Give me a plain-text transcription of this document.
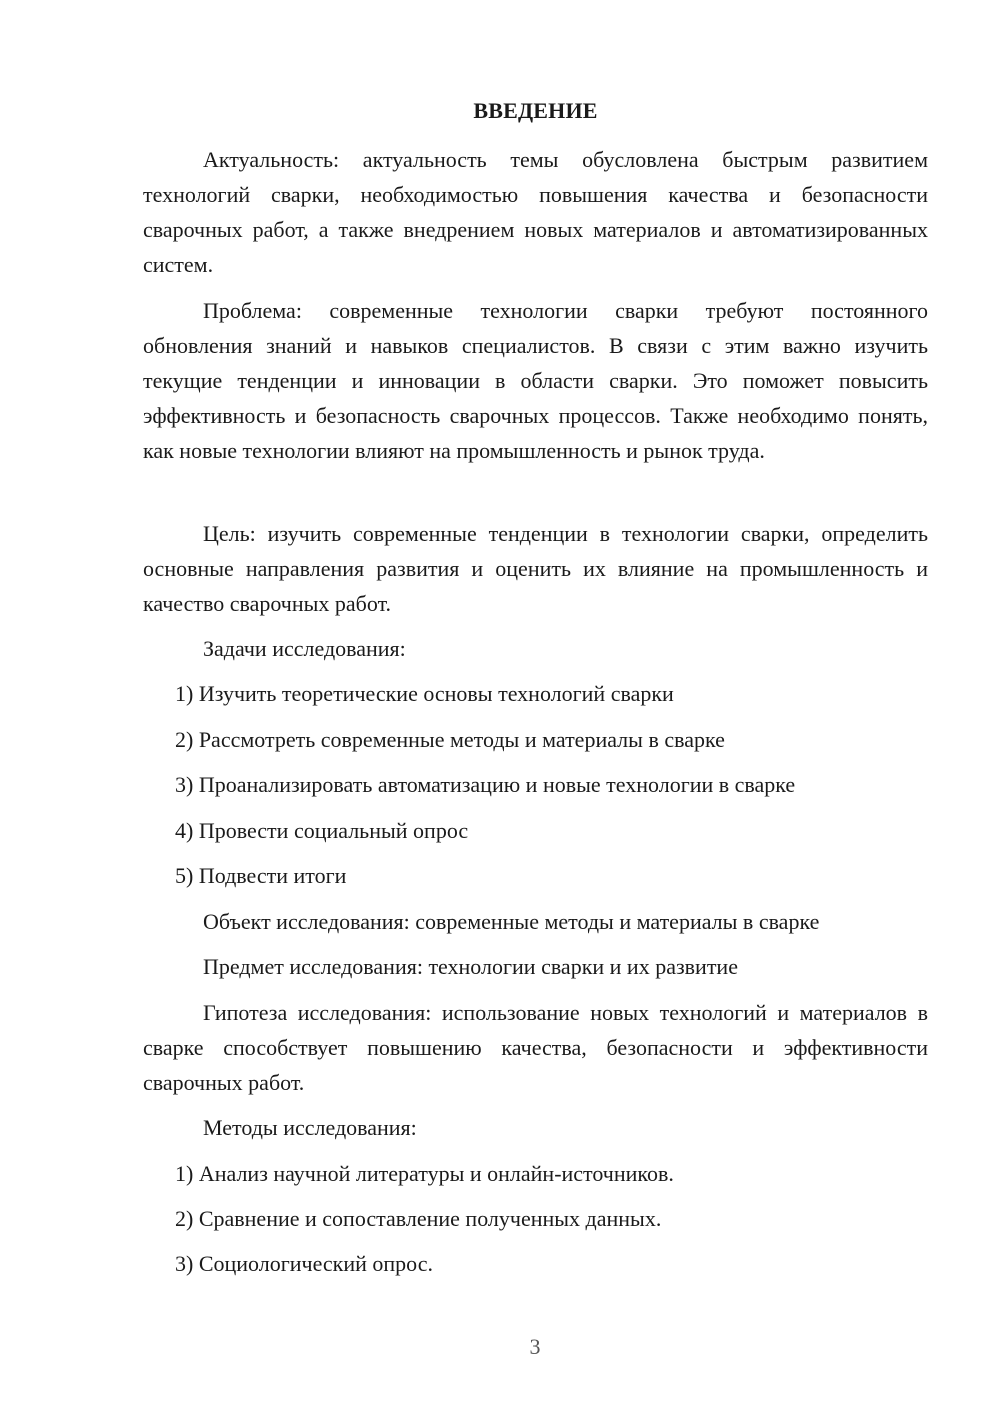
ВВЕДЕНИЕ

Актуальность: актуальность темы обусловлена быстрым развитием технологий сварки, необходимостью повышения качества и безопасности сварочных работ, а также внедрением новых материалов и автоматизированных систем.

Проблема: современные технологии сварки требуют постоянного обновления знаний и навыков специалистов. В связи с этим важно изучить текущие тенденции и инновации в области сварки. Это поможет повысить эффективность и безопасность сварочных процессов. Также необходимо понять, как новые технологии влияют на промышленность и рынок труда.

Цель: изучить современные тенденции в технологии сварки, определить основные направления развития и оценить их влияние на промышленность и качество сварочных работ.

Задачи исследования:
1) Изучить теоретические основы технологий сварки
2) Рассмотреть современные методы и материалы в сварке
3) Проанализировать автоматизацию и новые технологии в сварке
4) Провести социальный опрос
5) Подвести итоги
Объект исследования: современные методы и материалы в сварке
Предмет исследования: технологии сварки и их развитие

Гипотеза исследования: использование новых технологий и материалов в сварке способствует повышению качества, безопасности и эффективности сварочных работ.

Методы исследования:
1) Анализ научной литературы и онлайн-источников.
2) Сравнение и сопоставление полученных данных.
3) Социологический опрос.
3
